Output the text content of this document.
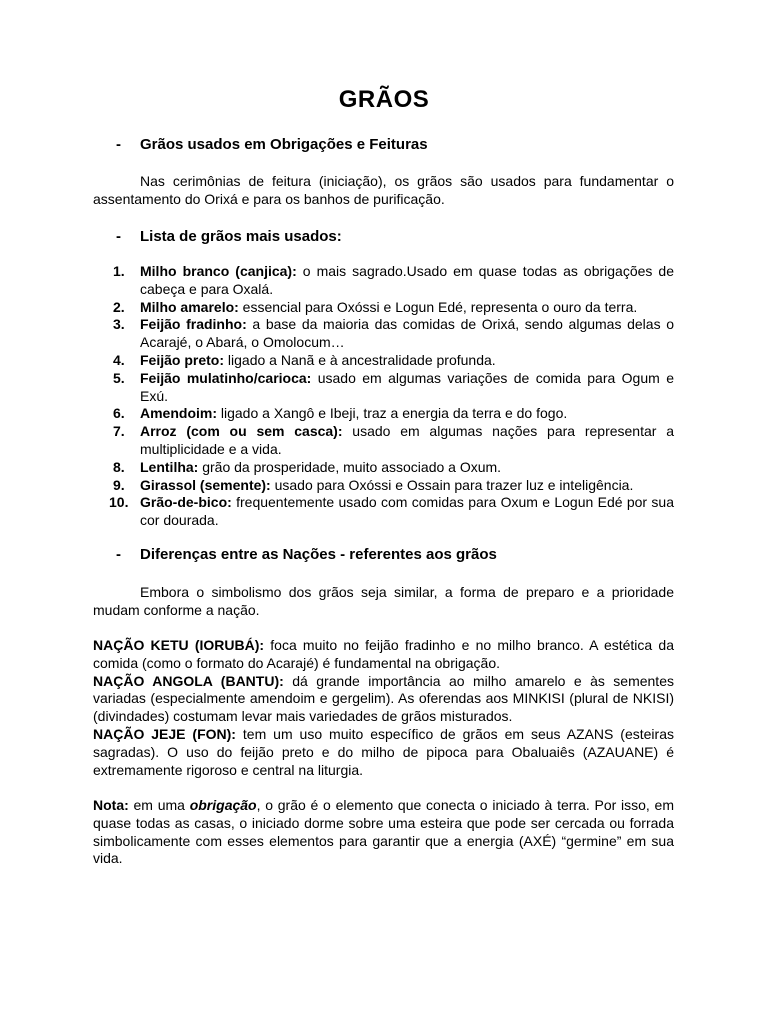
GRÃOS
- Grãos usados em Obrigações e Feituras

Nas cerimônias de feitura (iniciação), os grãos são usados para fundamentar o assentamento do Orixá e para os banhos de purificação.

- Lista de grãos mais usados:
1. Milho branco (canjica): o mais sagrado.Usado em quase todas as obrigações de cabeça e para Oxalá.
2. Milho amarelo: essencial para Oxóssi e Logun Edé, representa o ouro da terra.
3. Feijão fradinho: a base da maioria das comidas de Orixá, sendo algumas delas o Acarajé, o Abará, o Omolocum…
4. Feijão preto: ligado a Nanã e à ancestralidade profunda.
5. Feijão mulatinho/carioca: usado em algumas variações de comida para Ogum e Exú.
6. Amendoim: ligado a Xangô e Ibeji, traz a energia da terra e do fogo.
7. Arroz (com ou sem casca): usado em algumas nações para representar a multiplicidade e a vida.
8. Lentilha: grão da prosperidade, muito associado a Oxum.
9. Girassol (semente): usado para Oxóssi e Ossain para trazer luz e inteligência.
10. Grão-de-bico: frequentemente usado com comidas para Oxum e Logun Edé por sua cor dourada.
- Diferenças entre as Nações - referentes aos grãos

Embora o simbolismo dos grãos seja similar, a forma de preparo e a prioridade mudam conforme a nação.

NAÇÃO KETU (IORUBÁ): foca muito no feijão fradinho e no milho branco. A estética da comida (como o formato do Acarajé) é fundamental na obrigação.
NAÇÃO ANGOLA (BANTU): dá grande importância ao milho amarelo e às sementes variadas (especialmente amendoim e gergelim). As oferendas aos MINKISI (plural de NKISI)(divindades) costumam levar mais variedades de grãos misturados.
NAÇÃO JEJE (FON): tem um uso muito específico de grãos em seus AZANS (esteiras sagradas). O uso do feijão preto e do milho de pipoca para Obaluaiês (AZAUANE) é extremamente rigoroso e central na liturgia.

Nota: em uma obrigação, o grão é o elemento que conecta o iniciado à terra. Por isso, em quase todas as casas, o iniciado dorme sobre uma esteira que pode ser cercada ou forrada simbolicamente com esses elementos para garantir que a energia (AXÉ) “germine” em sua vida.
